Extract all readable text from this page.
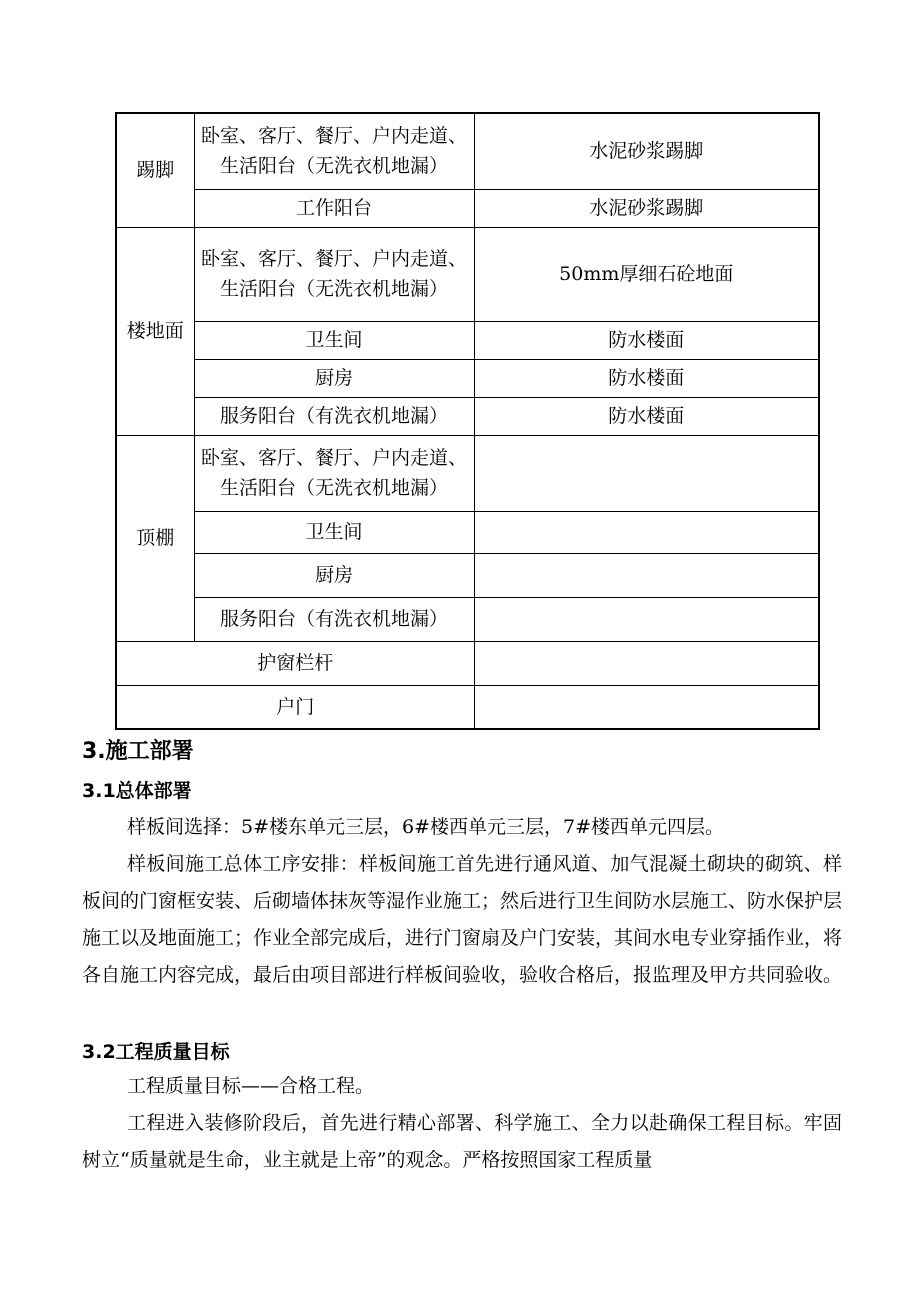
踢脚	卧室、客厅、餐厅、户内走道、
生活阳台（无洗衣机地漏）	水泥砂浆踢脚
	工作阳台	水泥砂浆踢脚
楼地面	卧室、客厅、餐厅、户内走道、
生活阳台（无洗衣机地漏）	50mm厚细石砼地面
	卫生间	防水楼面
	厨房	防水楼面
	服务阳台（有洗衣机地漏）	防水楼面
顶棚	卧室、客厅、餐厅、户内走道、
生活阳台（无洗衣机地漏）	
	卫生间	
	厨房	
	服务阳台（有洗衣机地漏）	
护窗栏杆		
户门		
3.施工部署
3.1总体部署

样板间选择：5#楼东单元三层，6#楼西单元三层，7#楼西单元四层。

样板间施工总体工序安排：样板间施工首先进行通风道、加气混凝土砌块的砌筑、样板间的门窗框安装、后砌墙体抹灰等湿作业施工；然后进行卫生间防水层施工、防水保护层施工以及地面施工；作业全部完成后，进行门窗扇及户门安装，其间水电专业穿插作业，将各自施工内容完成，最后由项目部进行样板间验收，验收合格后，报监理及甲方共同验收。

3.2工程质量目标

工程质量目标——合格工程。

工程进入装修阶段后，首先进行精心部署、科学施工、全力以赴确保工程目标。牢固树立“质量就是生命，业主就是上帝”的观念。严格按照国家工程质量
